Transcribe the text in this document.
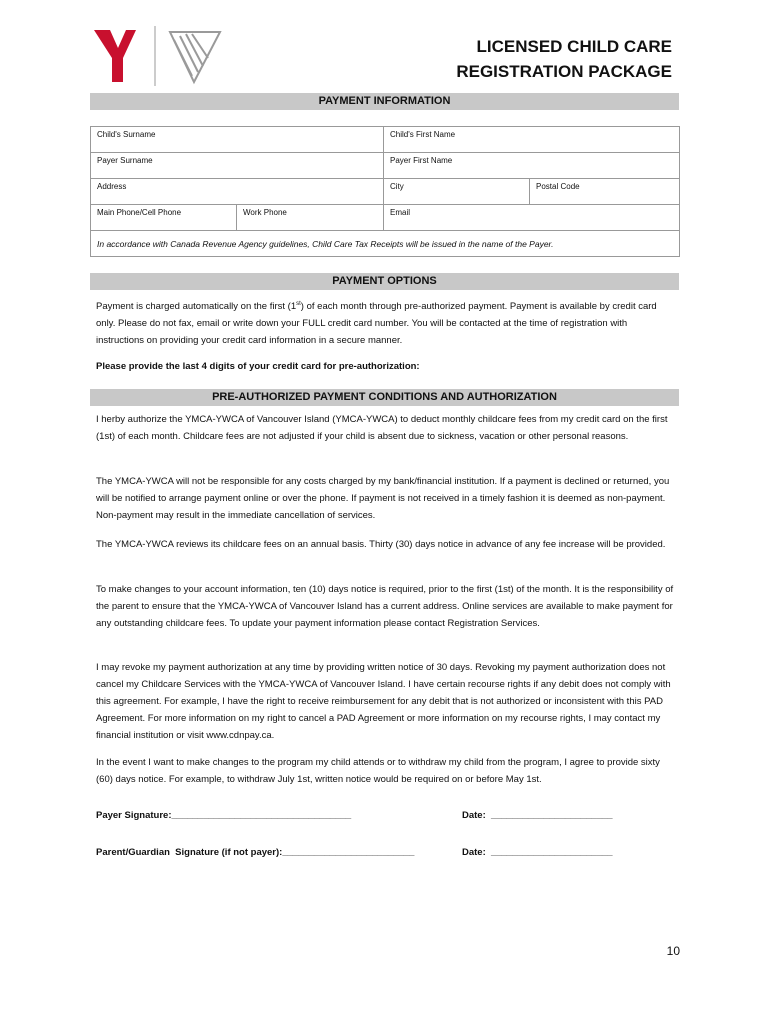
LICENSED CHILD CARE
REGISTRATION PACKAGE
PAYMENT INFORMATION
Child's Surname		Child's First Name	
Payer Surname		Payer First Name	
Address		City	Postal Code
Main Phone/Cell Phone	Work Phone	Email	
In accordance with Canada Revenue Agency guidelines, Child Care Tax Receipts will be issued in the name of the Payer.			
PAYMENT OPTIONS

Payment is charged automatically on the first (1st) of each month through pre-authorized payment. Payment is available by credit card only. Please do not fax, email or write down your FULL credit card number. You will be contacted at the time of registration with instructions on providing your credit card information in a secure manner.

Please provide the last 4 digits of your credit card for pre-authorization:

PRE-AUTHORIZED PAYMENT CONDITIONS AND AUTHORIZATION

I herby authorize the YMCA-YWCA of Vancouver Island (YMCA-YWCA) to deduct monthly childcare fees from my credit card on the first (1st) of each month. Childcare fees are not adjusted if your child is absent due to sickness, vacation or other personal reasons.

The YMCA-YWCA will not be responsible for any costs charged by my bank/financial institution. If a payment is declined or returned, you will be notified to arrange payment online or over the phone. If payment is not received in a timely fashion it is deemed as non-payment. Non-payment may result in the immediate cancellation of services.

The YMCA-YWCA reviews its childcare fees on an annual basis. Thirty (30) days notice in advance of any fee increase will be provided.

To make changes to your account information, ten (10) days notice is required, prior to the first (1st) of the month. It is the responsibility of the parent to ensure that the YMCA-YWCA of Vancouver Island has a current address. Online services are available to make payment for any outstanding childcare fees. To update your payment information please contact Registration Services.

I may revoke my payment authorization at any time by providing written notice of 30 days. Revoking my payment authorization does not cancel my Childcare Services with the YMCA-YWCA of Vancouver Island. I have certain recourse rights if any debit does not comply with this agreement. For example, I have the right to receive reimbursement for any debit that is not authorized or inconsistent with this PAD Agreement. For more information on my right to cancel a PAD Agreement or more information on my recourse rights, I may contact my financial institution or visit www.cdnpay.ca.

In the event I want to make changes to the program my child attends or to withdraw my child from the program, I agree to provide sixty (60) days notice. For example, to withdraw July 1st, written notice would be required on or before May 1st.

Payer Signature:__________________________________	Date:  _______________________
Parent/Guardian  Signature (if not payer):_________________________	Date:  _______________________
10
